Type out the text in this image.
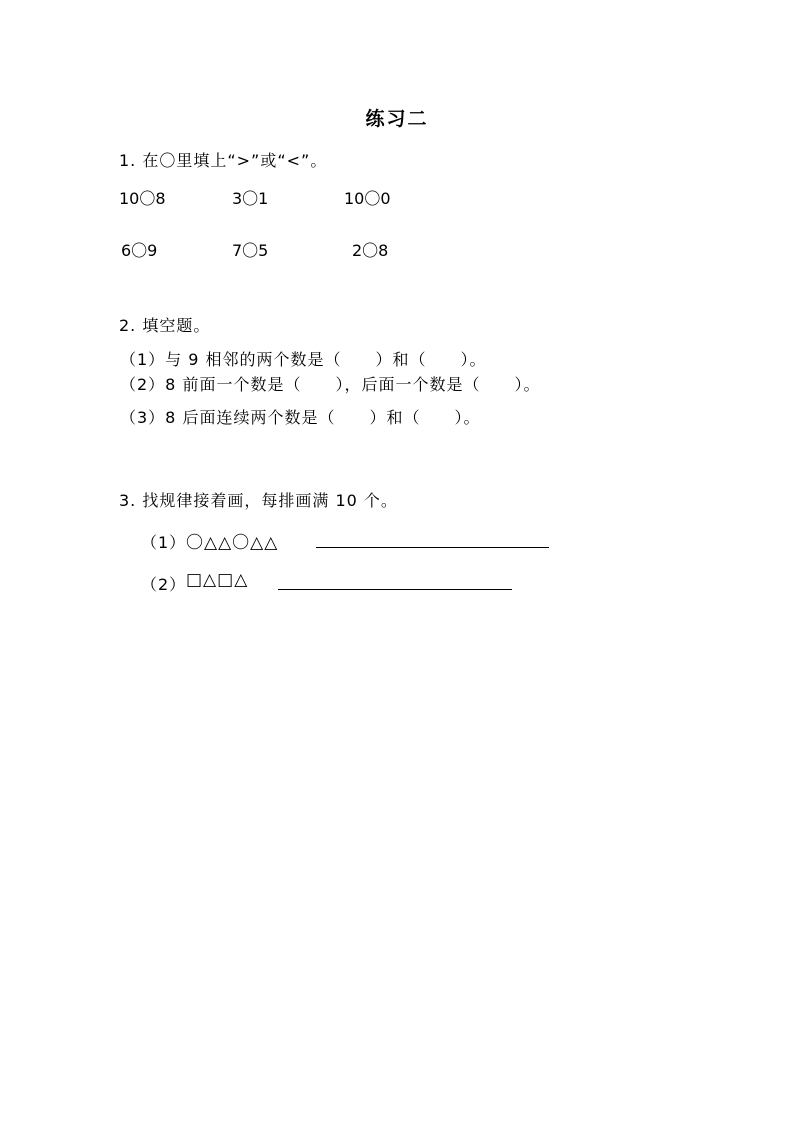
练习二
1. 在〇里填上“>”或“<”。
10〇8	3〇1	10〇0
6〇9	7〇5	2〇8
2. 填空题。
（1）与 9 相邻的两个数是（　　）和（　　）。
（2）8 前面一个数是（　　），后面一个数是（　　）。
（3）8 后面连续两个数是（　　）和（　　）。
3. 找规律接着画，每排画满 10 个。
（1） 〇△△〇△△
（2） □△□△
